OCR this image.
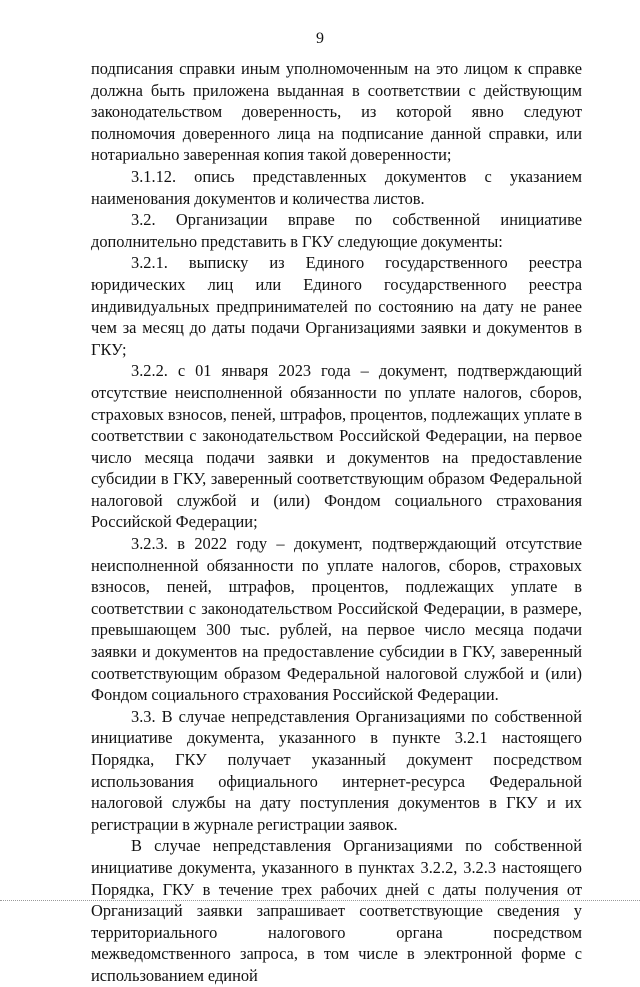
9

подписания справки иным уполномоченным на это лицом к справке должна быть приложена выданная в соответствии с действующим законодательством доверенность, из которой явно следуют полномочия доверенного лица на подписание данной справки, или нотариально заверенная копия такой доверенности;

3.1.12. опись представленных документов с указанием наименования документов и количества листов.

3.2. Организации вправе по собственной инициативе дополнительно представить в ГКУ следующие документы:

3.2.1. выписку из Единого государственного реестра юридических лиц или Единого государственного реестра индивидуальных предпринимателей по состоянию на дату не ранее чем за месяц до даты подачи Организациями заявки и документов в ГКУ;

3.2.2. с 01 января 2023 года – документ, подтверждающий отсутствие неисполненной обязанности по уплате налогов, сборов, страховых взносов, пеней, штрафов, процентов, подлежащих уплате в соответствии с законодательством Российской Федерации, на первое число месяца подачи заявки и документов на предоставление субсидии в ГКУ, заверенный соответствующим образом Федеральной налоговой службой и (или) Фондом социального страхования Российской Федерации;

3.2.3. в 2022 году – документ, подтверждающий отсутствие неисполненной обязанности по уплате налогов, сборов, страховых взносов, пеней, штрафов, процентов, подлежащих уплате в соответствии с законодательством Российской Федерации, в размере, превышающем 300 тыс. рублей, на первое число месяца подачи заявки и документов на предоставление субсидии в ГКУ, заверенный соответствующим образом Федеральной налоговой службой и (или) Фондом социального страхования Российской Федерации.

3.3. В случае непредставления Организациями по собственной инициативе документа, указанного в пункте 3.2.1 настоящего Порядка, ГКУ получает указанный документ посредством использования официального интернет-ресурса Федеральной налоговой службы на дату поступления документов в ГКУ и их регистрации в журнале регистрации заявок.

В случае непредставления Организациями по собственной инициативе документа, указанного в пунктах 3.2.2, 3.2.3 настоящего Порядка, ГКУ в течение трех рабочих дней с даты получения от Организаций заявки запрашивает соответствующие сведения у территориального налогового органа посредством межведомственного запроса, в том числе в электронной форме с использованием единой
